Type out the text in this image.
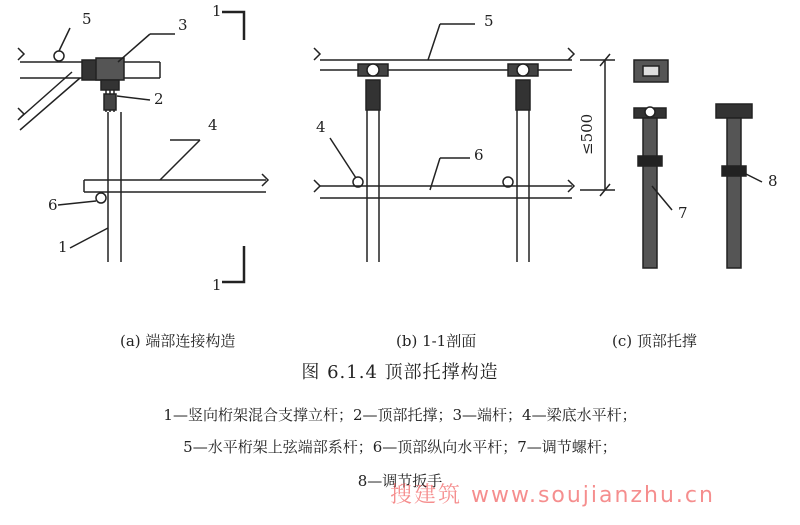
5	3
2
4
6
1
1
1
5
4
6	≤500
7
8
(a) 端部连接构造	(b) 1-1剖面	(c) 顶部托撑
图 6.1.4 顶部托撑构造
1—竖向桁架混合支撑立杆；2—顶部托撑；3—端杆；4—梁底水平杆；
5—水平桁架上弦端部系杆；6—顶部纵向水平杆；7—调节螺杆；
8—调节扳手
搜建筑 www.soujianzhu.cn
